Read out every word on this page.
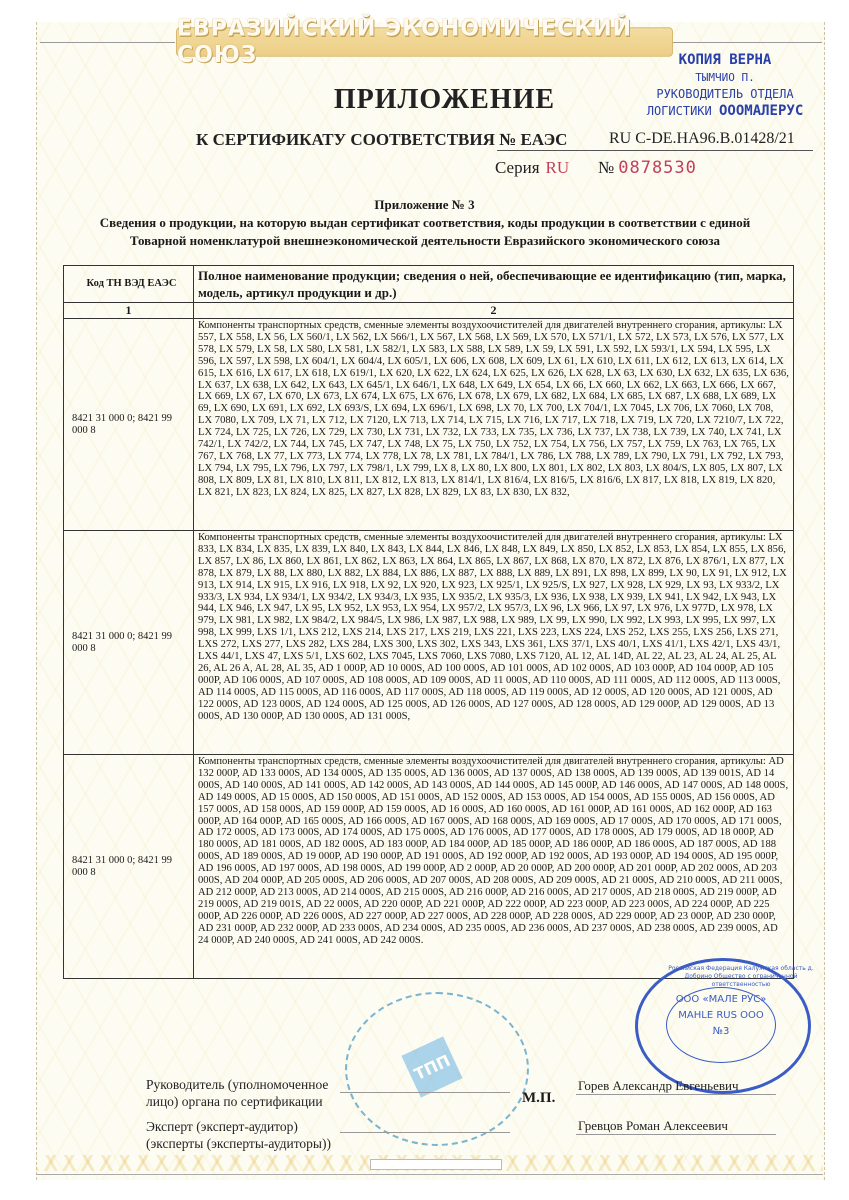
ЕВРАЗИЙСКИЙ ЭКОНОМИЧЕСКИЙ СОЮЗ	КОПИЯ ВЕРНА
ТЫМЧИО П.
РУКОВОДИТЕЛЬ ОТДЕЛА
ЛОГИСТИКИ ОООМАЛЕРУС
ПРИЛОЖЕНИЕ
К СЕРТИФИКАТУ СООТВЕТСТВИЯ № ЕАЭС	RU C-DE.HA96.B.01428/21
Серия RU № 0878530
Приложение № 3
Сведения о продукции, на которую выдан сертификат соответствия, коды продукции в соответствии с единой
Товарной номенклатурой внешнеэкономической деятельности Евразийского экономического союза
Код ТН ВЭД ЕАЭС	Полное наименование продукции; сведения о ней, обеспечивающие ее идентификацию (тип, марка, модель, артикул продукции и др.)
1	2
8421 31 000 0; 8421 99 000 8	Компоненты транспортных средств, сменные элементы воздухоочистителей для двигателей внутреннего сгорания, артикулы: LX 557, LX 558, LX 56, LX 560/1, LX 562, LX 566/1, LX 567, LX 568, LX 569, LX 570, LX 571/1, LX 572, LX 573, LX 576, LX 577, LX 578, LX 579, LX 58, LX 580, LX 581, LX 582/1, LX 583, LX 588, LX 589, LX 59, LX 591, LX 592, LX 593/1, LX 594, LX 595, LX 596, LX 597, LX 598, LX 604/1, LX 604/4, LX 605/1, LX 606, LX 608, LX 609, LX 61, LX 610, LX 611, LX 612, LX 613, LX 614, LX 615, LX 616, LX 617, LX 618, LX 619/1, LX 620, LX 622, LX 624, LX 625, LX 626, LX 628, LX 63, LX 630, LX 632, LX 635, LX 636, LX 637, LX 638, LX 642, LX 643, LX 645/1, LX 646/1, LX 648, LX 649, LX 654, LX 66, LX 660, LX 662, LX 663, LX 666, LX 667, LX 669, LX 67, LX 670, LX 673, LX 674, LX 675, LX 676, LX 678, LX 679, LX 682, LX 684, LX 685, LX 687, LX 688, LX 689, LX 69, LX 690, LX 691, LX 692, LX 693/S, LX 694, LX 696/1, LX 698, LX 70, LX 700, LX 704/1, LX 7045, LX 706, LX 7060, LX 708, LX 7080, LX 709, LX 71, LX 712, LX 7120, LX 713, LX 714, LX 715, LX 716, LX 717, LX 718, LX 719, LX 720, LX 7210/7, LX 722, LX 724, LX 725, LX 726, LX 729, LX 730, LX 731, LX 732, LX 733, LX 735, LX 736, LX 737, LX 738, LX 739, LX 740, LX 741, LX 742/1, LX 742/2, LX 744, LX 745, LX 747, LX 748, LX 75, LX 750, LX 752, LX 754, LX 756, LX 757, LX 759, LX 763, LX 765, LX 767, LX 768, LX 77, LX 773, LX 774, LX 778, LX 78, LX 781, LX 784/1, LX 786, LX 788, LX 789, LX 790, LX 791, LX 792, LX 793, LX 794, LX 795, LX 796, LX 797, LX 798/1, LX 799, LX 8, LX 80, LX 800, LX 801, LX 802, LX 803, LX 804/S, LX 805, LX 807, LX 808, LX 809, LX 81, LX 810, LX 811, LX 812, LX 813, LX 814/1, LX 816/4, LX 816/5, LX 816/6, LX 817, LX 818, LX 819, LX 820, LX 821, LX 823, LX 824, LX 825, LX 827, LX 828, LX 829, LX 83, LX 830, LX 832,
8421 31 000 0; 8421 99 000 8	Компоненты транспортных средств, сменные элементы воздухоочистителей для двигателей внутреннего сгорания, артикулы: LX 833, LX 834, LX 835, LX 839, LX 840, LX 843, LX 844, LX 846, LX 848, LX 849, LX 850, LX 852, LX 853, LX 854, LX 855, LX 856, LX 857, LX 86, LX 860, LX 861, LX 862, LX 863, LX 864, LX 865, LX 867, LX 868, LX 870, LX 872, LX 876, LX 876/1, LX 877, LX 878, LX 879, LX 88, LX 880, LX 882, LX 884, LX 886, LX 887, LX 888, LX 889, LX 891, LX 898, LX 899, LX 90, LX 91, LX 912, LX 913, LX 914, LX 915, LX 916, LX 918, LX 92, LX 920, LX 923, LX 925/1, LX 925/S, LX 927, LX 928, LX 929, LX 93, LX 933/2, LX 933/3, LX 934, LX 934/1, LX 934/2, LX 934/3, LX 935, LX 935/2, LX 935/3, LX 936, LX 938, LX 939, LX 941, LX 942, LX 943, LX 944, LX 946, LX 947, LX 95, LX 952, LX 953, LX 954, LX 957/2, LX 957/3, LX 96, LX 966, LX 97, LX 976, LX 977D, LX 978, LX 979, LX 981, LX 982, LX 984/2, LX 984/5, LX 986, LX 987, LX 988, LX 989, LX 99, LX 990, LX 992, LX 993, LX 995, LX 997, LX 998, LX 999, LXS 1/1, LXS 212, LXS 214, LXS 217, LXS 219, LXS 221, LXS 223, LXS 224, LXS 252, LXS 255, LXS 256, LXS 271, LXS 272, LXS 277, LXS 282, LXS 284, LXS 300, LXS 302, LXS 343, LXS 361, LXS 37/1, LXS 40/1, LXS 41/1, LXS 42/1, LXS 43/1, LXS 44/1, LXS 47, LXS 5/1, LXS 602, LXS 7045, LXS 7060, LXS 7080, LXS 7120, AL 12, AL 14D, AL 22, AL 23, AL 24, AL 25, AL 26, AL 26 A, AL 28, AL 35, AD 1 000P, AD 10 000S, AD 100 000S, AD 101 000S, AD 102 000S, AD 103 000P, AD 104 000P, AD 105 000P, AD 106 000S, AD 107 000S, AD 108 000S, AD 109 000S, AD 11 000S, AD 110 000S, AD 111 000S, AD 112 000S, AD 113 000S, AD 114 000S, AD 115 000S, AD 116 000S, AD 117 000S, AD 118 000S, AD 119 000S, AD 12 000S, AD 120 000S, AD 121 000S, AD 122 000S, AD 123 000S, AD 124 000S, AD 125 000S, AD 126 000S, AD 127 000S, AD 128 000S, AD 129 000P, AD 129 000S, AD 13 000S, AD 130 000P, AD 130 000S, AD 131 000S,
8421 31 000 0; 8421 99 000 8	Компоненты транспортных средств, сменные элементы воздухоочистителей для двигателей внутреннего сгорания, артикулы: AD 132 000P, AD 133 000S, AD 134 000S, AD 135 000S, AD 136 000S, AD 137 000S, AD 138 000S, AD 139 000S, AD 139 001S, AD 14 000S, AD 140 000S, AD 141 000S, AD 142 000S, AD 143 000S, AD 144 000S, AD 145 000P, AD 146 000S, AD 147 000S, AD 148 000S, AD 149 000S, AD 15 000S, AD 150 000S, AD 151 000S, AD 152 000S, AD 153 000S, AD 154 000S, AD 155 000S, AD 156 000S, AD 157 000S, AD 158 000S, AD 159 000P, AD 159 000S, AD 16 000S, AD 160 000S, AD 161 000P, AD 161 000S, AD 162 000P, AD 163 000P, AD 164 000P, AD 165 000S, AD 166 000S, AD 167 000S, AD 168 000S, AD 169 000S, AD 17 000S, AD 170 000S, AD 171 000S, AD 172 000S, AD 173 000S, AD 174 000S, AD 175 000S, AD 176 000S, AD 177 000S, AD 178 000S, AD 179 000S, AD 18 000P, AD 180 000S, AD 181 000S, AD 182 000S, AD 183 000P, AD 184 000P, AD 185 000P, AD 186 000P, AD 186 000S, AD 187 000S, AD 188 000S, AD 189 000S, AD 19 000P, AD 190 000P, AD 191 000S, AD 192 000P, AD 192 000S, AD 193 000P, AD 194 000S, AD 195 000P, AD 196 000S, AD 197 000S, AD 198 000S, AD 199 000P, AD 2 000P, AD 20 000P, AD 200 000P, AD 201 000P, AD 202 000S, AD 203 000S, AD 204 000P, AD 205 000S, AD 206 000S, AD 207 000S, AD 208 000S, AD 209 000S, AD 21 000S, AD 210 000S, AD 211 000S, AD 212 000P, AD 213 000S, AD 214 000S, AD 215 000S, AD 216 000P, AD 216 000S, AD 217 000S, AD 218 000S, AD 219 000P, AD 219 000S, AD 219 001S, AD 22 000S, AD 220 000P, AD 221 000P, AD 222 000P, AD 223 000P, AD 223 000S, AD 224 000P, AD 225 000P, AD 226 000P, AD 226 000S, AD 227 000P, AD 227 000S, AD 228 000P, AD 228 000S, AD 229 000P, AD 23 000P, AD 230 000P, AD 231 000P, AD 232 000P, AD 233 000S, AD 234 000S, AD 235 000S, AD 236 000S, AD 237 000S, AD 238 000S, AD 239 000S, AD 24 000P, AD 240 000S, AD 241 000S, AD 242 000S.
ТПП
Российская Федерация Калужская область д. Добрино Общество с ограниченной ответственностью
ООО «МАЛЕ РУС»
MAHLE RUS OOO
№3
Руководитель (уполномоченное
лицо) органа по сертификации	М.П.
Горев Александр Евгеньевич
Эксперт (эксперт-аудитор)
(эксперты (эксперты-аудиторы))
Гревцов Роман Алексеевич
